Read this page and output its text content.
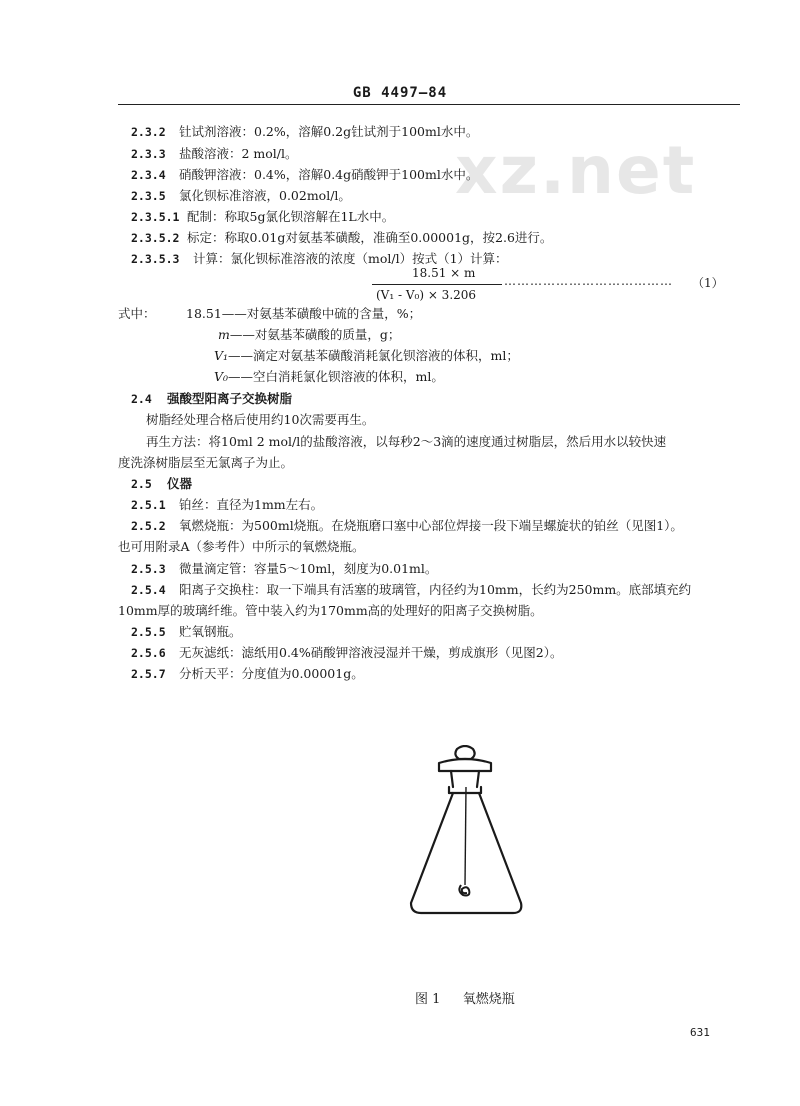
GB 4497—84
xz.net
2.3.2 钍试剂溶液：0.2%，溶解0.2g钍试剂于100ml水中。
2.3.3 盐酸溶液：2 mol/l。
2.3.4 硝酸钾溶液：0.4%，溶解0.4g硝酸钾于100ml水中。
2.3.5 氯化钡标准溶液，0.02mol/l。
2.3.5.1 配制：称取5g氯化钡溶解在1L水中。
2.3.5.2 标定：称取0.01g对氨基苯磺酸，准确至0.00001g，按2.6进行。
2.3.5.3 计算：氯化钡标准溶液的浓度（mol/l）按式（1）计算：
18.51 × m
(V₁ - V₀) × 3.206
………………………………… （1）
式中： 18.51——对氨基苯磺酸中硫的含量，%；
m——对氨基苯磺酸的质量，g；
V₁——滴定对氨基苯磺酸消耗氯化钡溶液的体积，ml；
V₀——空白消耗氯化钡溶液的体积，ml。
2.4 强酸型阳离子交换树脂
树脂经处理合格后使用约10次需要再生。
再生方法：将10ml 2 mol/l的盐酸溶液，以每秒2～3滴的速度通过树脂层，然后用水以较快速
度洗涤树脂层至无氯离子为止。
2.5 仪器
2.5.1 铂丝：直径为1mm左右。
2.5.2 氧燃烧瓶：为500ml烧瓶。在烧瓶磨口塞中心部位焊接一段下端呈螺旋状的铂丝（见图1）。
也可用附录A（参考件）中所示的氧燃烧瓶。
2.5.3 微量滴定管：容量5～10ml，刻度为0.01ml。
2.5.4 阳离子交换柱：取一下端具有活塞的玻璃管，内径约为10mm，长约为250mm。底部填充约
10mm厚的玻璃纤维。管中装入约为170mm高的处理好的阳离子交换树脂。
2.5.5 贮氧钢瓶。
2.5.6 无灰滤纸：滤纸用0.4%硝酸钾溶液浸湿并干燥，剪成旗形（见图2）。
2.5.7 分析天平：分度值为0.00001g。
图 1 氧燃烧瓶
631
